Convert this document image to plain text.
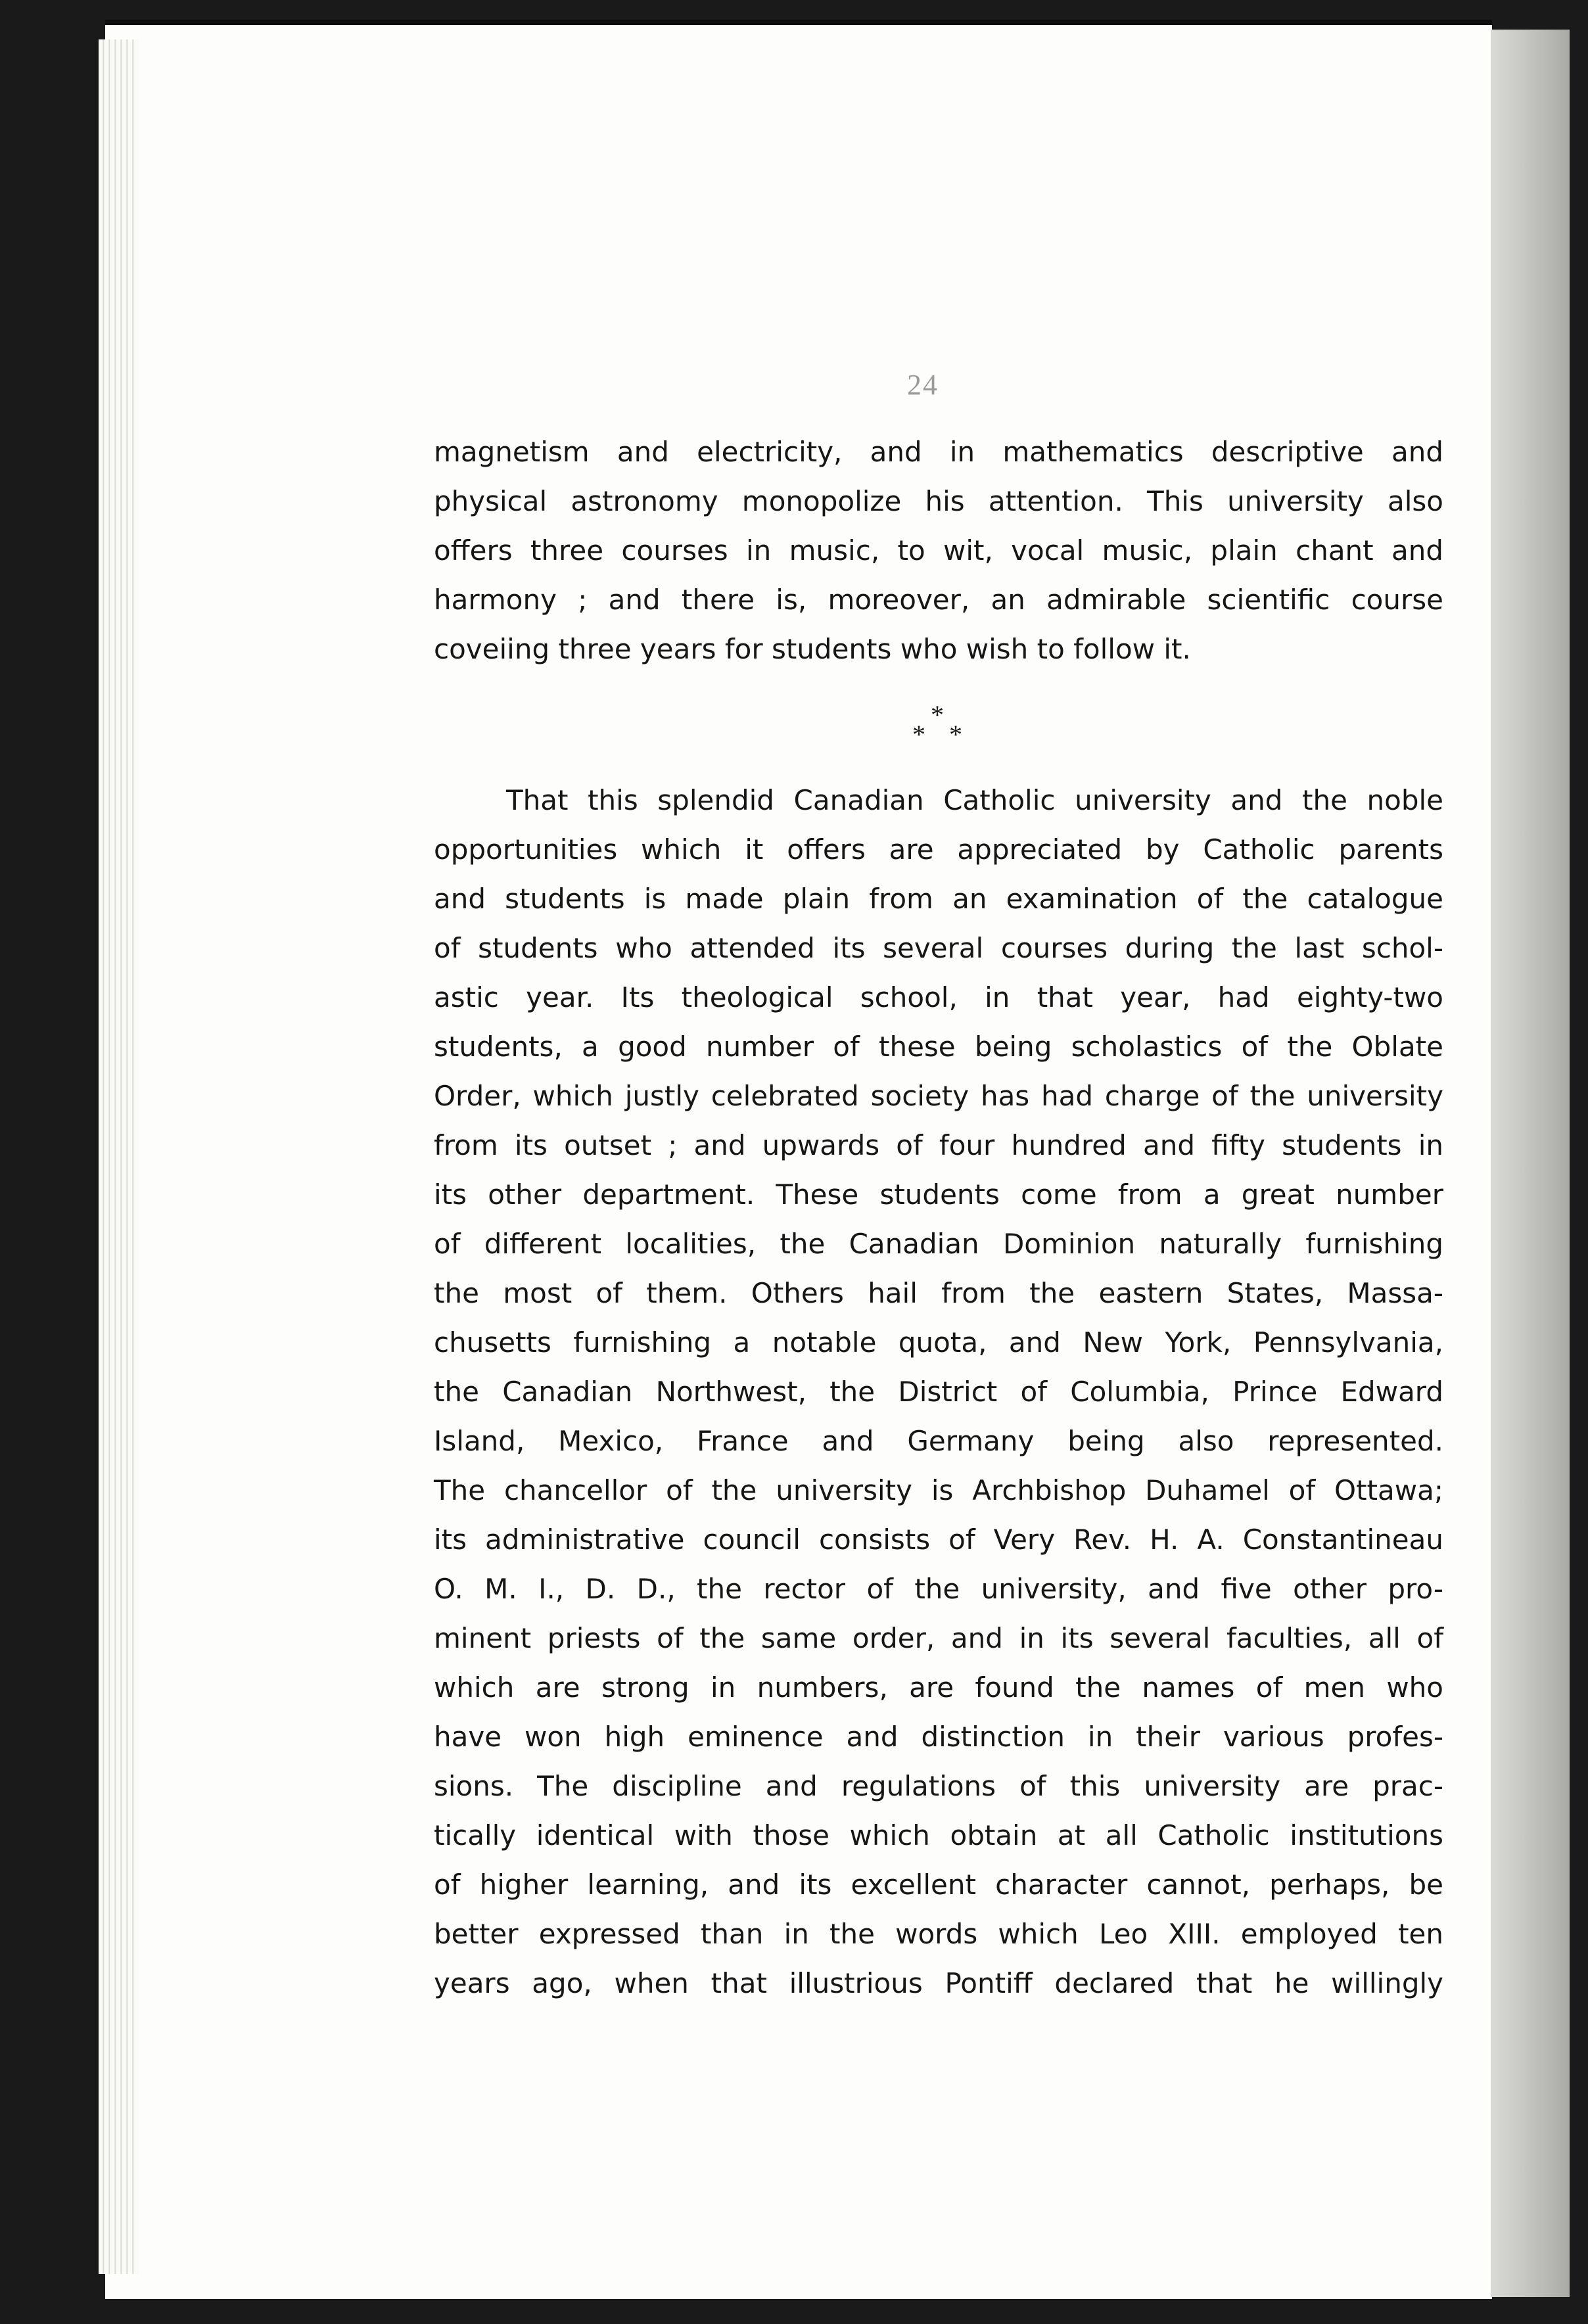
24
magnetism and electricity, and in mathematics descriptive and
physical astronomy monopolize his attention. This university also
offers three courses in music, to wit, vocal music, plain chant and
harmony ; and there is, moreover, an admirable scientific course
coveiing three years for students who wish to follow it.
*
* *
That this splendid Canadian Catholic university and the noble
opportunities which it offers are appreciated by Catholic parents
and students is made plain from an examination of the catalogue
of students who attended its several courses during the last schol-
astic year. Its theological school, in that year, had eighty-two
students, a good number of these being scholastics of the Oblate
Order, which justly celebrated society has had charge of the university
from its outset ; and upwards of four hundred and fifty students in
its other department. These students come from a great number
of different localities, the Canadian Dominion naturally furnishing
the most of them. Others hail from the eastern States, Massa-
chusetts furnishing a notable quota, and New York, Pennsylvania,
the Canadian Northwest, the District of Columbia, Prince Edward
Island, Mexico, France and Germany being also represented.
The chancellor of the university is Archbishop Duhamel of Ottawa;
its administrative council consists of Very Rev. H. A. Constantineau
O. M. I., D. D., the rector of the university, and five other pro-
minent priests of the same order, and in its several faculties, all of
which are strong in numbers, are found the names of men who
have won high eminence and distinction in their various profes-
sions. The discipline and regulations of this university are prac-
tically identical with those which obtain at all Catholic institutions
of higher learning, and its excellent character cannot, perhaps, be
better expressed than in the words which Leo XIII. employed ten
years ago, when that illustrious Pontiff declared that he willingly
